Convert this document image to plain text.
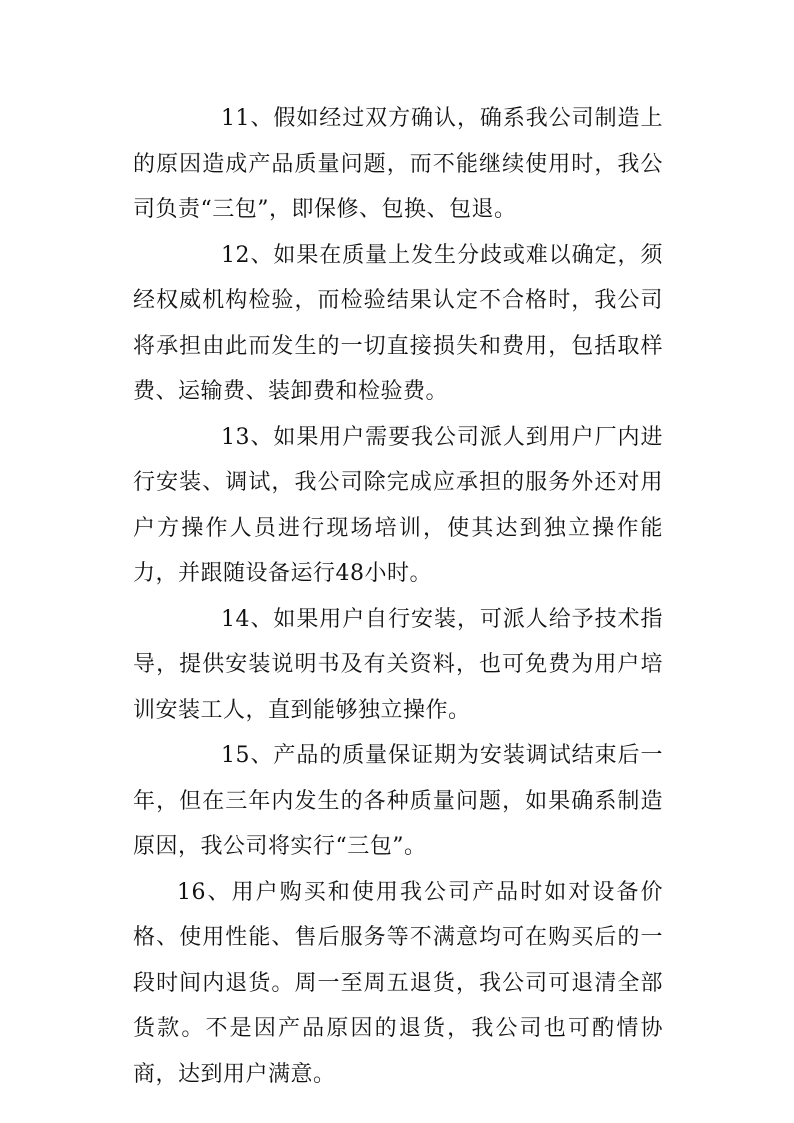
11、假如经过双方确认，确系我公司制造上的原因造成产品质量问题，而不能继续使用时，我公司负责“三包”，即保修、包换、包退。

12、如果在质量上发生分歧或难以确定，须经权威机构检验，而检验结果认定不合格时，我公司将承担由此而发生的一切直接损失和费用，包括取样费、运输费、装卸费和检验费。

13、如果用户需要我公司派人到用户厂内进行安装、调试，我公司除完成应承担的服务外还对用户方操作人员进行现场培训，使其达到独立操作能力，并跟随设备运行48小时。

14、如果用户自行安装，可派人给予技术指导，提供安装说明书及有关资料，也可免费为用户培训安装工人，直到能够独立操作。

15、产品的质量保证期为安装调试结束后一年，但在三年内发生的各种质量问题，如果确系制造原因，我公司将实行“三包”。

16、用户购买和使用我公司产品时如对设备价格、使用性能、售后服务等不满意均可在购买后的一段时间内退货。周一至周五退货，我公司可退清全部货款。不是因产品原因的退货，我公司也可酌情协商，达到用户满意。
